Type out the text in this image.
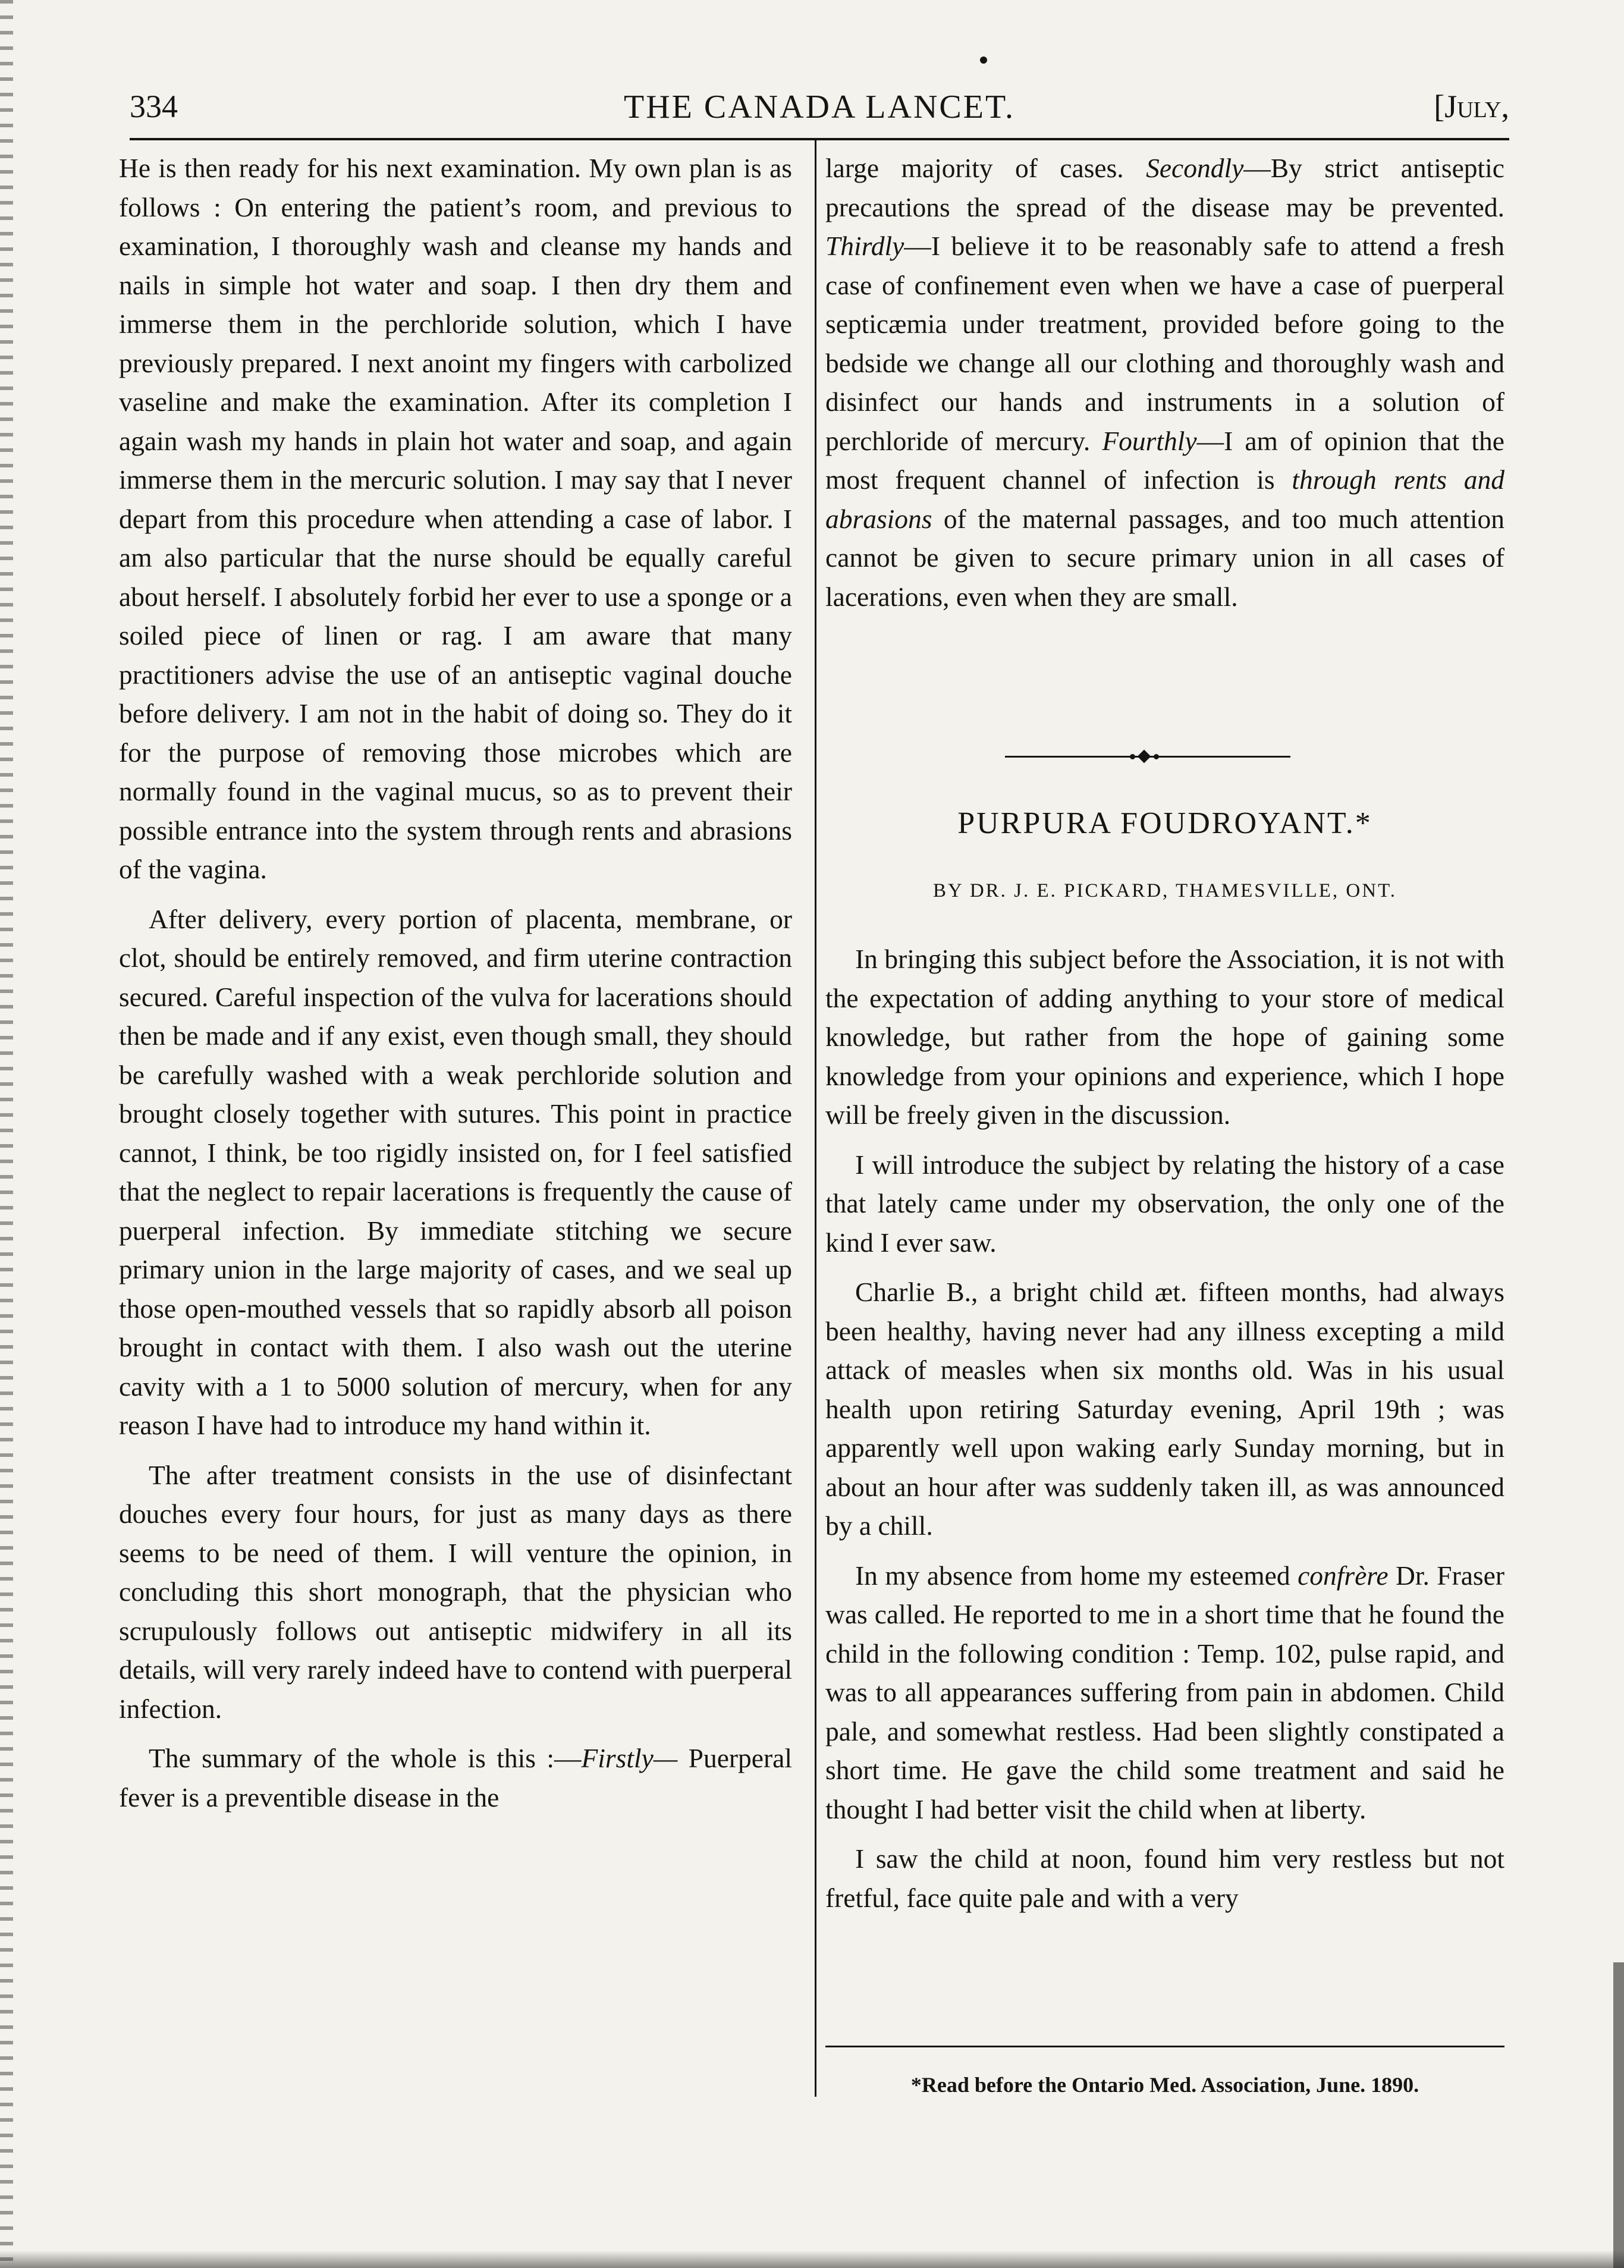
334	THE CANADA LANCET.	[July,

He is then ready for his next examination. My own plan is as follows : On entering the patient’s room, and previous to examination, I thoroughly wash and cleanse my hands and nails in simple hot water and soap. I then dry them and immerse them in the perchloride solution, which I have previously prepared. I next anoint my fingers with carbolized vaseline and make the examination. After its completion I again wash my hands in plain hot water and soap, and again immerse them in the mercuric solution. I may say that I never depart from this procedure when attending a case of labor. I am also particular that the nurse should be equally careful about herself. I absolutely forbid her ever to use a sponge or a soiled piece of linen or rag. I am aware that many practitioners advise the use of an antiseptic vaginal douche before delivery. I am not in the habit of doing so. They do it for the purpose of removing those microbes which are normally found in the vaginal mucus, so as to prevent their possible entrance into the system through rents and abrasions of the vagina.

After delivery, every portion of placenta, membrane, or clot, should be entirely removed, and firm uterine contraction secured. Careful inspection of the vulva for lacerations should then be made and if any exist, even though small, they should be carefully washed with a weak perchloride solution and brought closely together with sutures. This point in practice cannot, I think, be too rigidly insisted on, for I feel satisfied that the neglect to repair lacerations is frequently the cause of puerperal infection. By immediate stitching we secure primary union in the large majority of cases, and we seal up those open-mouthed vessels that so rapidly absorb all poison brought in contact with them. I also wash out the uterine cavity with a 1 to 5000 solution of mercury, when for any reason I have had to introduce my hand within it.

The after treatment consists in the use of disinfectant douches every four hours, for just as many days as there seems to be need of them. I will venture the opinion, in concluding this short monograph, that the physician who scrupulously follows out antiseptic midwifery in all its details, will very rarely indeed have to contend with puerperal infection.

The summary of the whole is this :—Firstly— Puerperal fever is a preventible disease in the

large majority of cases. Secondly—By strict antiseptic precautions the spread of the disease may be prevented. Thirdly—I believe it to be reasonably safe to attend a fresh case of confinement even when we have a case of puerperal septicæmia under treatment, provided before going to the bedside we change all our clothing and thoroughly wash and disinfect our hands and instruments in a solution of perchloride of mercury. Fourthly—I am of opinion that the most frequent channel of infection is through rents and abrasions of the maternal passages, and too much attention cannot be given to secure primary union in all cases of lacerations, even when they are small.

PURPURA FOUDROYANT.*
BY DR. J. E. PICKARD, THAMESVILLE, ONT.

In bringing this subject before the Association, it is not with the expectation of adding anything to your store of medical knowledge, but rather from the hope of gaining some knowledge from your opinions and experience, which I hope will be freely given in the discussion.

I will introduce the subject by relating the history of a case that lately came under my observation, the only one of the kind I ever saw.

Charlie B., a bright child æt. fifteen months, had always been healthy, having never had any illness excepting a mild attack of measles when six months old. Was in his usual health upon retiring Saturday evening, April 19th ; was apparently well upon waking early Sunday morning, but in about an hour after was suddenly taken ill, as was announced by a chill.

In my absence from home my esteemed confrère Dr. Fraser was called. He reported to me in a short time that he found the child in the following condition : Temp. 102, pulse rapid, and was to all appearances suffering from pain in abdomen. Child pale, and somewhat restless. Had been slightly constipated a short time. He gave the child some treatment and said he thought I had better visit the child when at liberty.

I saw the child at noon, found him very restless but not fretful, face quite pale and with a very

*Read before the Ontario Med. Association, June. 1890.
